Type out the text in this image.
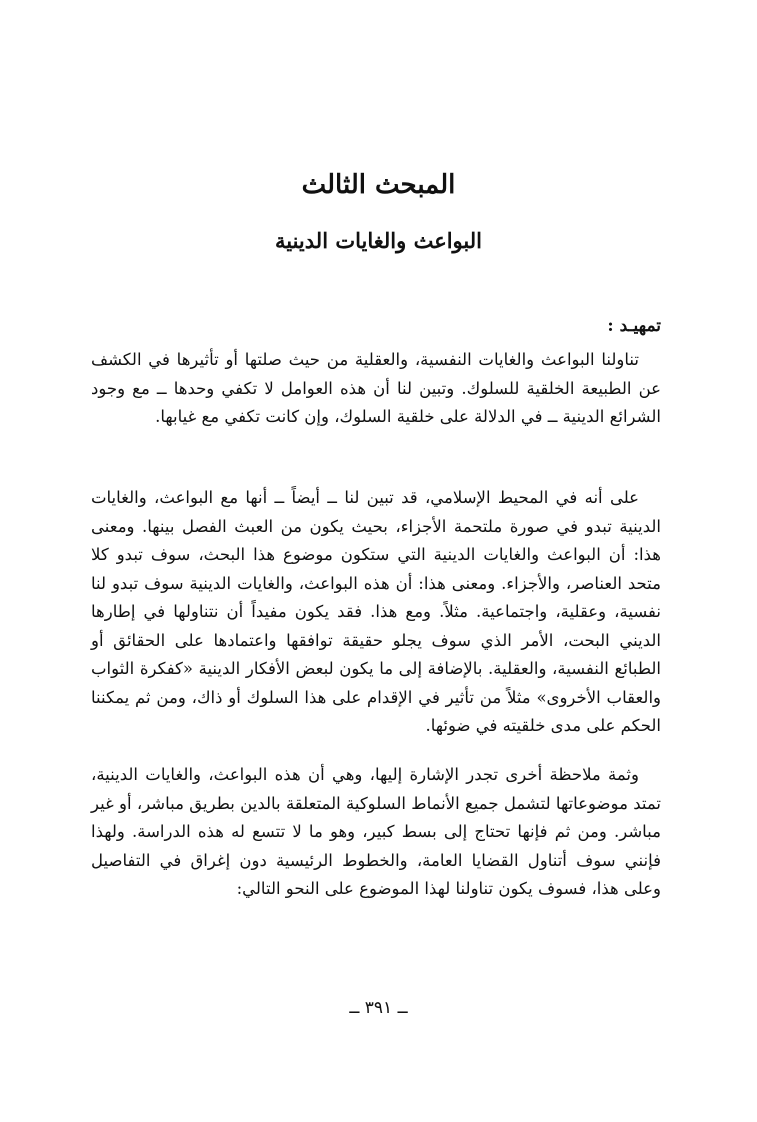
المبحث الثالث
البواعث والغايات الدينية
تمهيـد :

تناولنا البواعث والغايات النفسية، والعقلية من حيث صلتها أو تأثيرها في الكشف عن الطبيعة الخلقية للسلوك. وتبين لنا أن هذه العوامل لا تكفي وحدها ــ مع وجود الشرائع الدينية ــ في الدلالة على خلقية السلوك، وإن كانت تكفي مع غيابها.

على أنه في المحيط الإسلامي، قد تبين لنا ــ أيضاً ــ أنها مع البواعث، والغايات الدينية تبدو في صورة ملتحمة الأجزاء، بحيث يكون من العبث الفصل بينها. ومعنى هذا: أن البواعث والغايات الدينية التي ستكون موضوع هذا البحث، سوف تبدو كلا متحد العناصر، والأجزاء. ومعنى هذا: أن هذه البواعث، والغايات الدينية سوف تبدو لنا نفسية، وعقلية، واجتماعية. مثلاً. ومع هذا. فقد يكون مفيداً أن نتناولها في إطارها الديني البحت، الأمر الذي سوف يجلو حقيقة توافقها واعتمادها على الحقائق أو الطبائع النفسية، والعقلية. بالإضافة إلى ما يكون لبعض الأفكار الدينية «كفكرة الثواب والعقاب الأخروى» مثلاً من تأثير في الإقدام على هذا السلوك أو ذاك، ومن ثم يمكننا الحكم على مدى خلقيته في ضوئها.

وثمة ملاحظة أخرى تجدر الإشارة إليها، وهي أن هذه البواعث، والغايات الدينية، تمتد موضوعاتها لتشمل جميع الأنماط السلوكية المتعلقة بالدين بطريق مباشر، أو غير مباشر. ومن ثم فإنها تحتاج إلى بسط كبير، وهو ما لا تتسع له هذه الدراسة. ولهذا فإنني سوف أتناول القضايا العامة، والخطوط الرئيسية دون إغراق في التفاصيل وعلى هذا، فسوف يكون تناولنا لهذا الموضوع على النحو التالي:

ــ ٣٩١ ــ
